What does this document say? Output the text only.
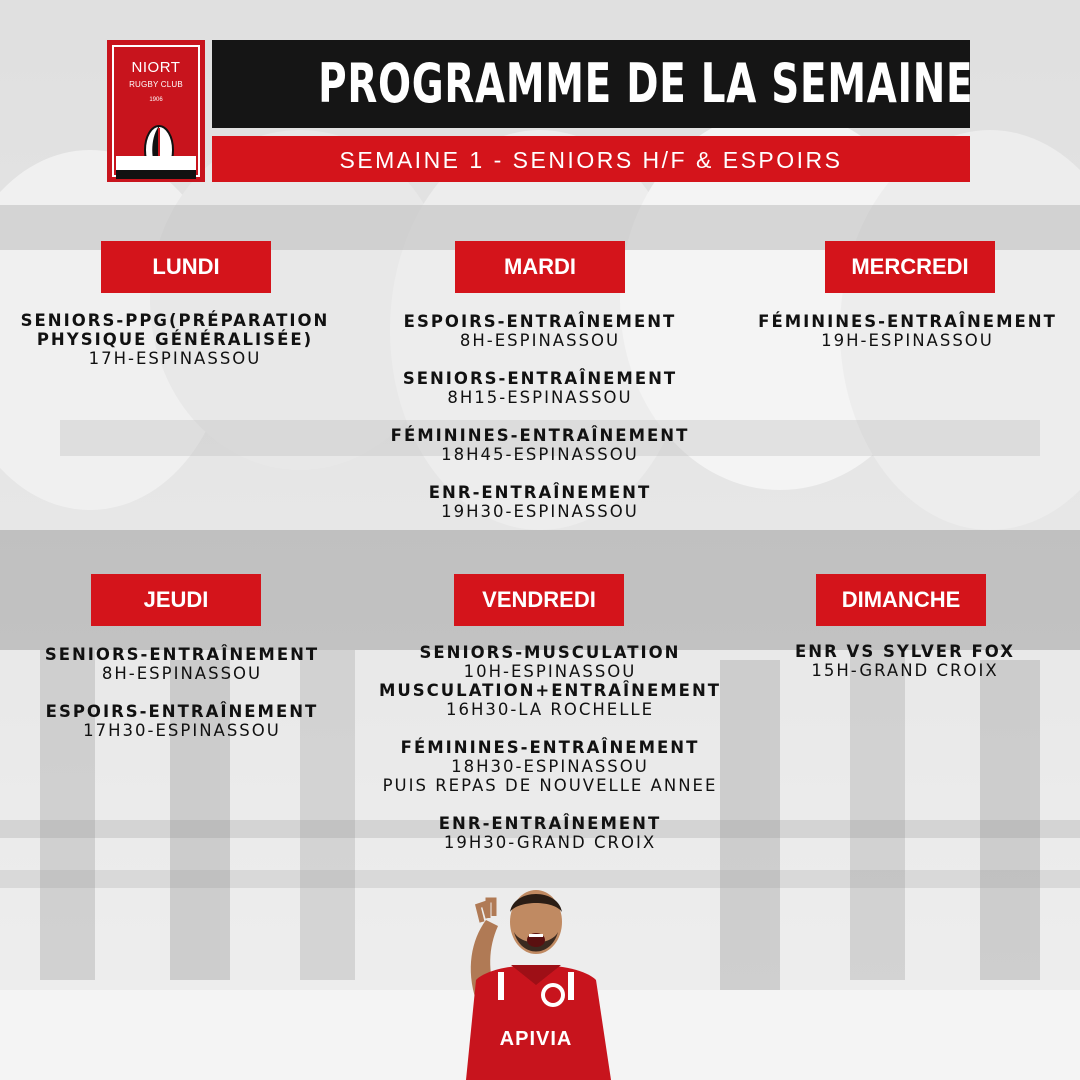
NIORT
RUGBY CLUB
1906	PROGRAMME DE LA SEMAINE
SEMAINE 1 - SENIORS H/F & ESPOIRS
LUNDI
SENIORS-PPG(PRÉPARATION
PHYSIQUE GÉNÉRALISÉE)
17H-ESPINASSOU
MARDI
ESPOIRS-ENTRAÎNEMENT
8H-ESPINASSOU
SENIORS-ENTRAÎNEMENT
8H15-ESPINASSOU
FÉMININES-ENTRAÎNEMENT
18H45-ESPINASSOU
ENR-ENTRAÎNEMENT
19H30-ESPINASSOU
MERCREDI
FÉMININES-ENTRAÎNEMENT
19H-ESPINASSOU
JEUDI
SENIORS-ENTRAÎNEMENT
8H-ESPINASSOU
ESPOIRS-ENTRAÎNEMENT
17H30-ESPINASSOU
VENDREDI
SENIORS-MUSCULATION
10H-ESPINASSOU
MUSCULATION+ENTRAÎNEMENT
16H30-LA ROCHELLE
FÉMININES-ENTRAÎNEMENT
18H30-ESPINASSOU
PUIS REPAS DE NOUVELLE ANNEE
ENR-ENTRAÎNEMENT
19H30-GRAND CROIX
DIMANCHE
ENR VS SYLVER FOX
15H-GRAND CROIX
APIVIA
